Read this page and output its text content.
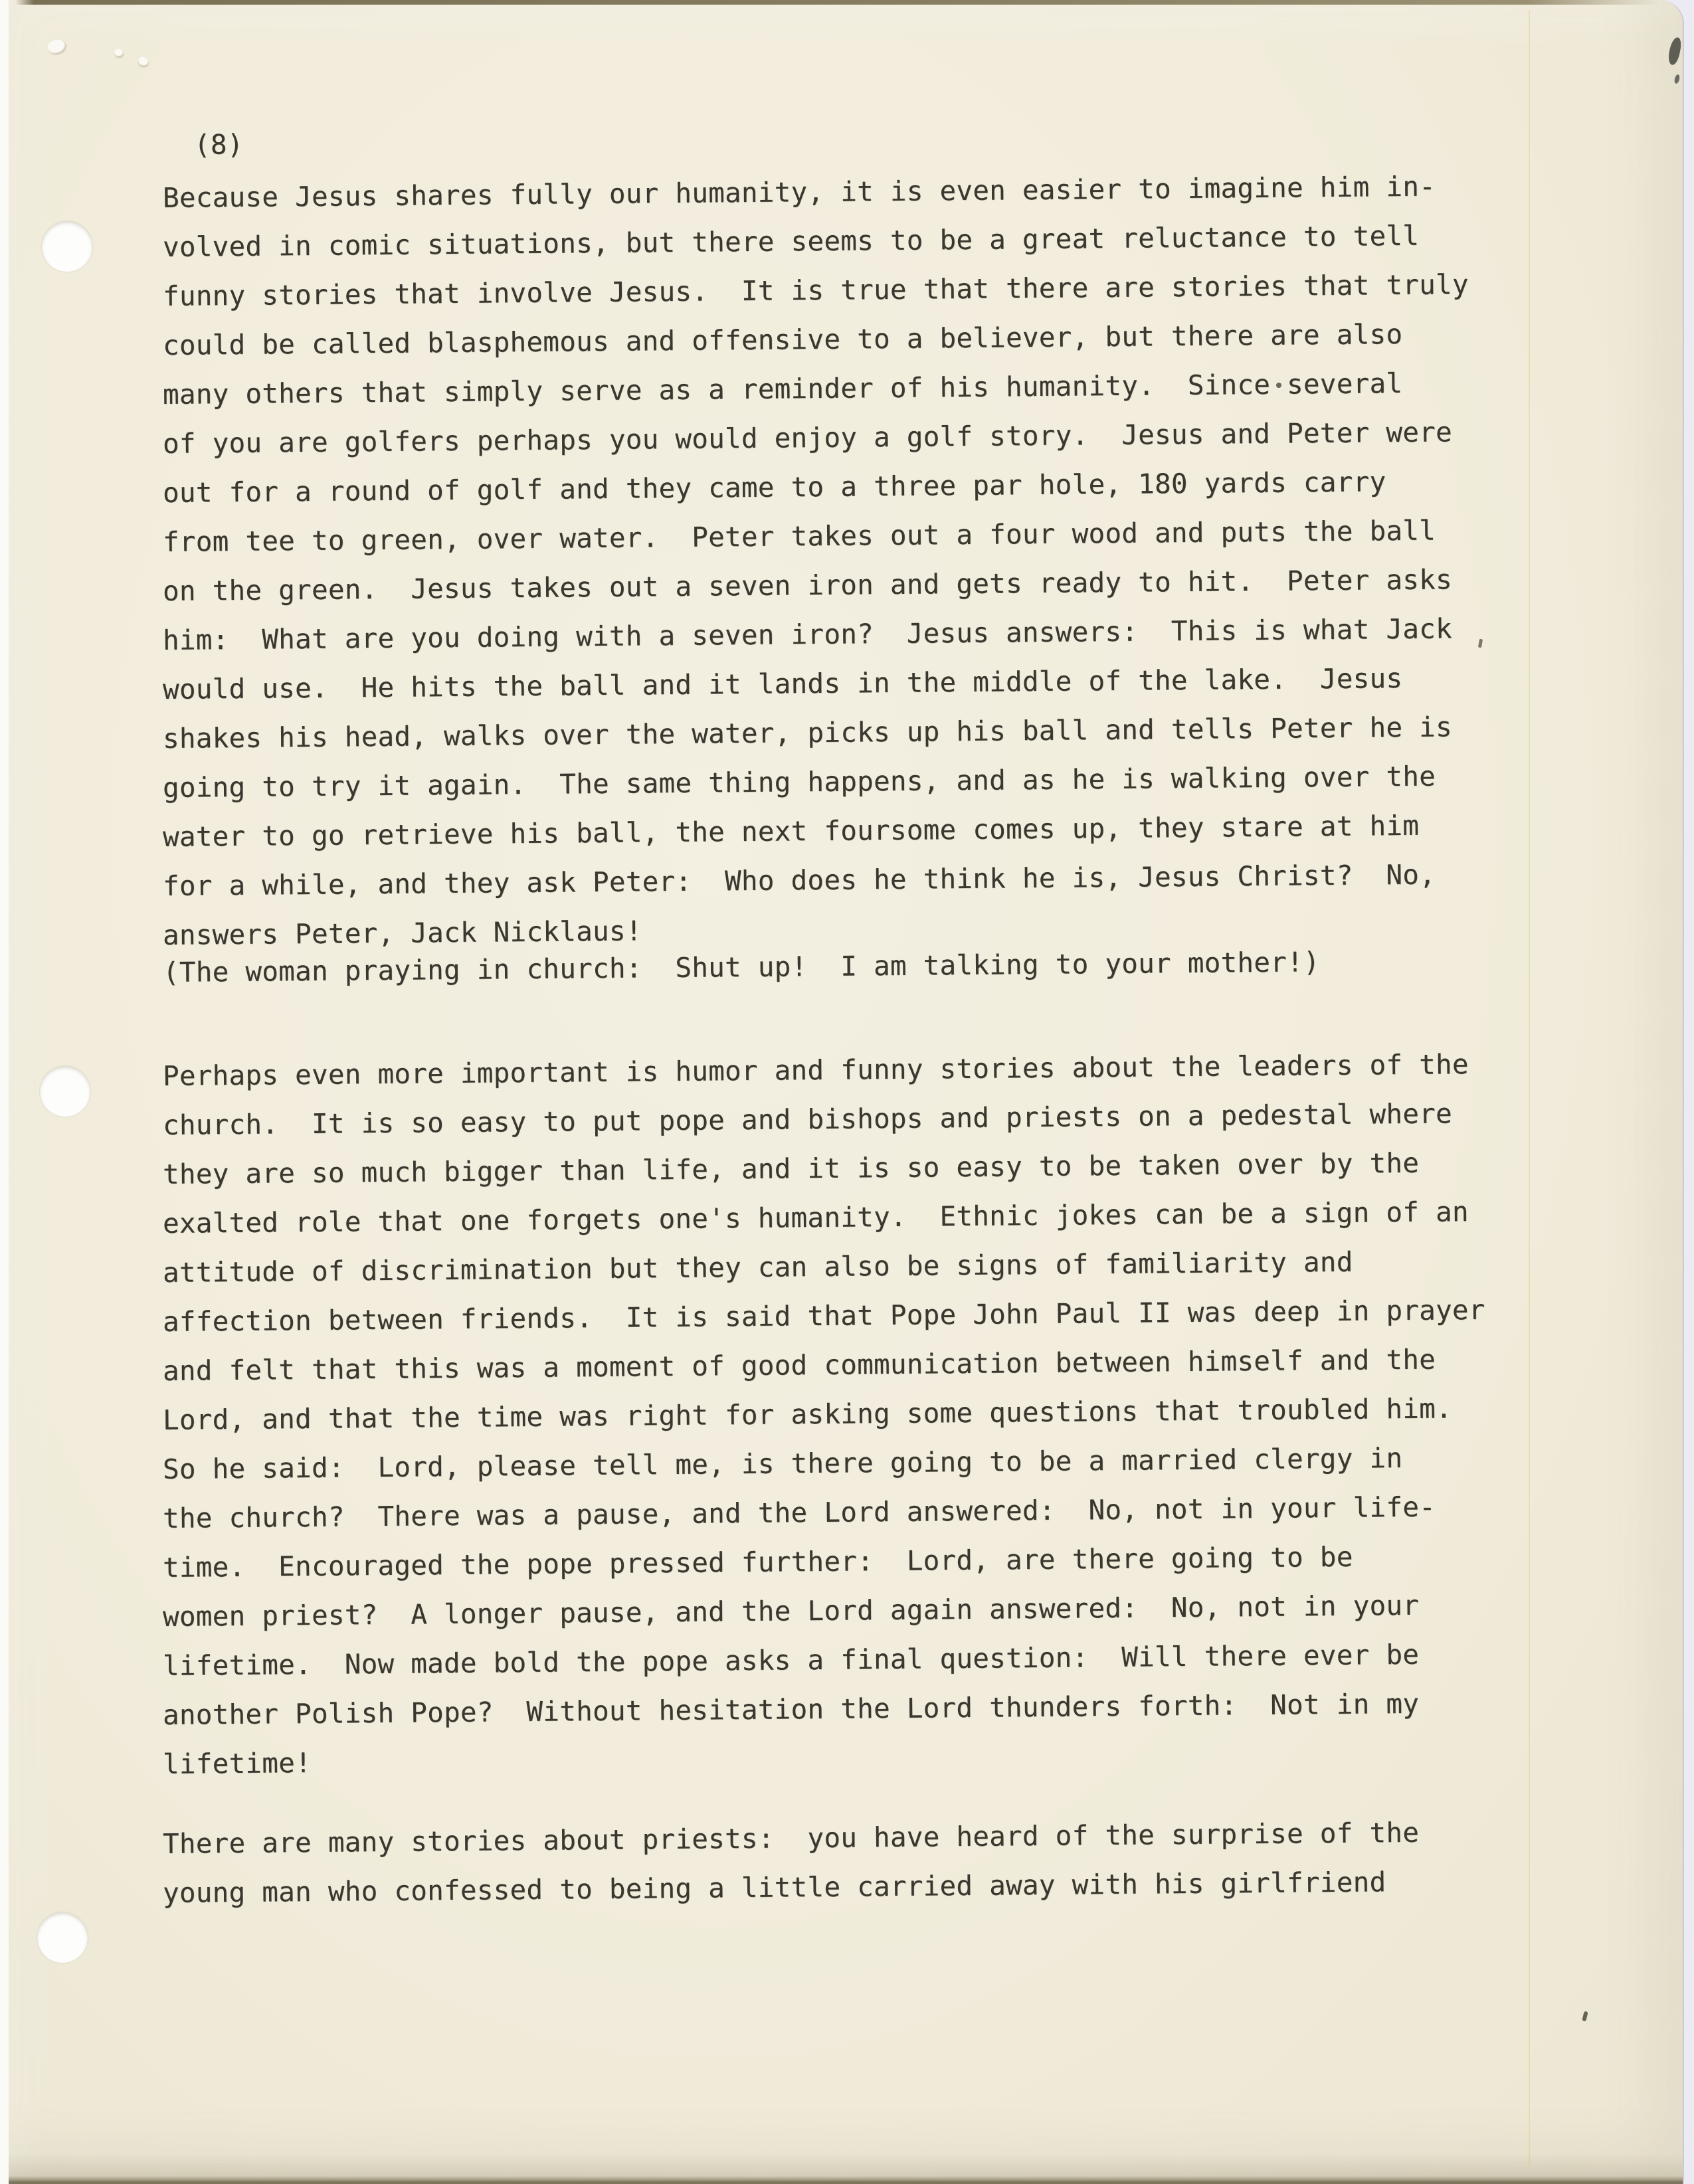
(8)
Because Jesus shares fully our humanity, it is even easier to imagine him in-
volved in comic situations, but there seems to be a great reluctance to tell
funny stories that involve Jesus.  It is true that there are stories that truly
could be called blasphemous and offensive to a believer, but there are also
many others that simply serve as a reminder of his humanity.  Since several
of you are golfers perhaps you would enjoy a golf story.  Jesus and Peter were
out for a round of golf and they came to a three par hole, 180 yards carry
from tee to green, over water.  Peter takes out a four wood and puts the ball
on the green.  Jesus takes out a seven iron and gets ready to hit.  Peter asks
him:  What are you doing with a seven iron?  Jesus answers:  This is what Jack
would use.  He hits the ball and it lands in the middle of the lake.  Jesus
shakes his head, walks over the water, picks up his ball and tells Peter he is
going to try it again.  The same thing happens, and as he is walking over the
water to go retrieve his ball, the next foursome comes up, they stare at him
for a while, and they ask Peter:  Who does he think he is, Jesus Christ?  No,
answers Peter, Jack Nicklaus!
(The woman praying in church:  Shut up!  I am talking to your mother!)
Perhaps even more important is humor and funny stories about the leaders of the
church.  It is so easy to put pope and bishops and priests on a pedestal where
they are so much bigger than life, and it is so easy to be taken over by the
exalted role that one forgets one's humanity.  Ethnic jokes can be a sign of an
attitude of discrimination but they can also be signs of familiarity and
affection between friends.  It is said that Pope John Paul II was deep in prayer
and felt that this was a moment of good communication between himself and the
Lord, and that the time was right for asking some questions that troubled him.
So he said:  Lord, please tell me, is there going to be a married clergy in
the church?  There was a pause, and the Lord answered:  No, not in your life-
time.  Encouraged the pope pressed further:  Lord, are there going to be
women priest?  A longer pause, and the Lord again answered:  No, not in your
lifetime.  Now made bold the pope asks a final question:  Will there ever be
another Polish Pope?  Without hesitation the Lord thunders forth:  Not in my
lifetime!
There are many stories about priests:  you have heard of the surprise of the
young man who confessed to being a little carried away with his girlfriend
